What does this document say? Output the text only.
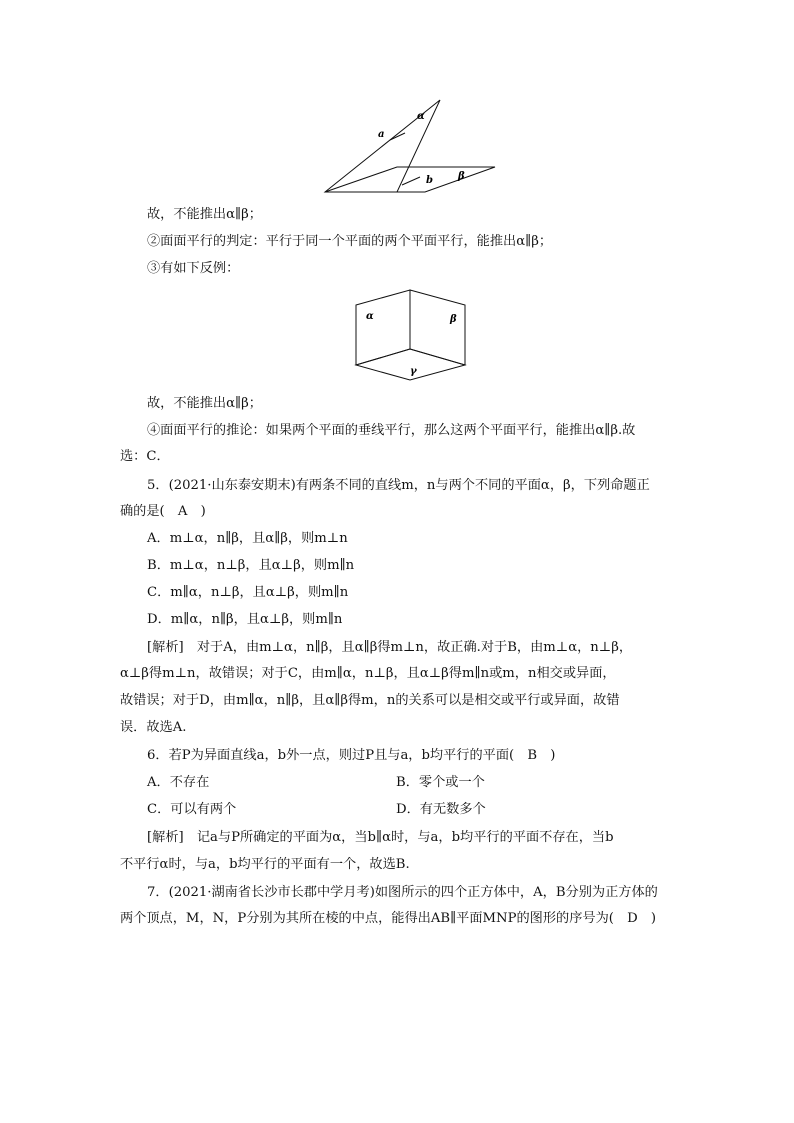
a
α
b	β
故，不能推出α∥β；
②面面平行的判定：平行于同一个平面的两个平面平行，能推出α∥β；
③有如下反例：
α	β
γ
故，不能推出α∥β；
④面面平行的推论：如果两个平面的垂线平行，那么这两个平面平行，能推出α∥β.故
选：C．
5．(2021·山东泰安期末)有两条不同的直线m，n与两个不同的平面α，β，下列命题正
确的是(　A　)
A．m⊥α，n∥β，且α∥β，则m⊥n
B．m⊥α，n⊥β，且α⊥β，则m∥n
C．m∥α，n⊥β，且α⊥β，则m∥n
D．m∥α，n∥β，且α⊥β，则m∥n
[解析]　对于A，由m⊥α，n∥β，且α∥β得m⊥n，故正确.对于B，由m⊥α，n⊥β，
α⊥β得m⊥n，故错误；对于C，由m∥α，n⊥β，且α⊥β得m∥n或m，n相交或异面，
故错误；对于D，由m∥α，n∥β，且α∥β得m，n的关系可以是相交或平行或异面，故错
误．故选A.
6．若P为异面直线a，b外一点，则过P且与a，b均平行的平面(　B　)
A．不存在	B．零个或一个
C．可以有两个	D．有无数多个
[解析]　记a与P所确定的平面为α，当b∥α时，与a，b均平行的平面不存在，当b
不平行α时，与a，b均平行的平面有一个，故选B.
7．(2021·湖南省长沙市长郡中学月考)如图所示的四个正方体中，A，B分别为正方体的
两个顶点，M，N，P分别为其所在棱的中点，能得出AB∥平面MNP的图形的序号为(　D　)
